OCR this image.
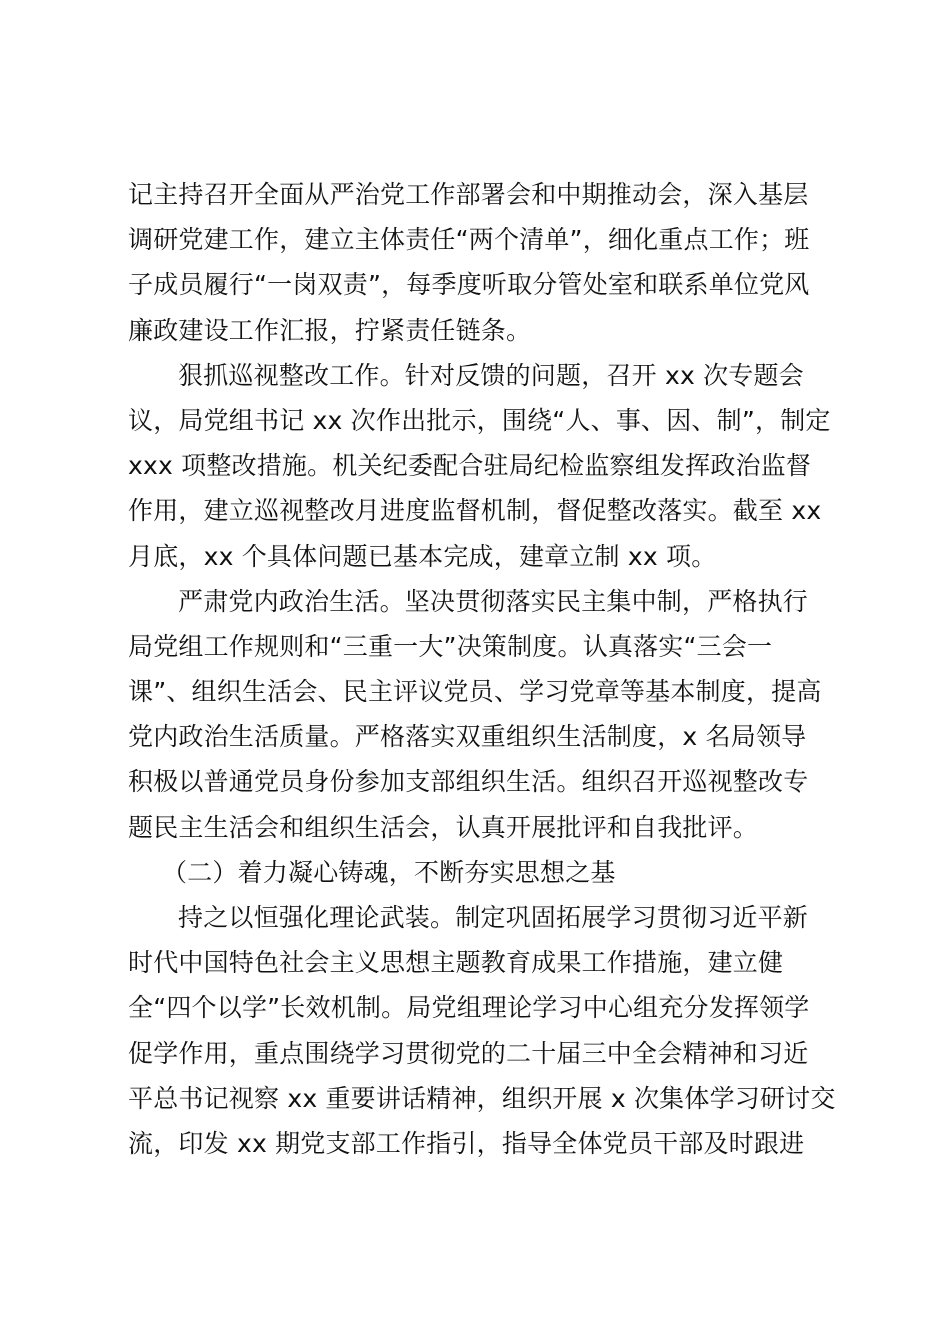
记主持召开全面从严治党工作部署会和中期推动会，深入基层
调研党建工作，建立主体责任“两个清单”，细化重点工作；班
子成员履行“一岗双责”，每季度听取分管处室和联系单位党风
廉政建设工作汇报，拧紧责任链条。
狠抓巡视整改工作。针对反馈的问题，召开 xx 次专题会
议，局党组书记 xx 次作出批示，围绕“人、事、因、制”，制定
xxx 项整改措施。机关纪委配合驻局纪检监察组发挥政治监督
作用，建立巡视整改月进度监督机制，督促整改落实。截至 xx
月底，xx 个具体问题已基本完成，建章立制 xx 项。
严肃党内政治生活。坚决贯彻落实民主集中制，严格执行
局党组工作规则和“三重一大”决策制度。认真落实“三会一
课”、组织生活会、民主评议党员、学习党章等基本制度，提高
党内政治生活质量。严格落实双重组织生活制度，x 名局领导
积极以普通党员身份参加支部组织生活。组织召开巡视整改专
题民主生活会和组织生活会，认真开展批评和自我批评。
（二）着力凝心铸魂，不断夯实思想之基
持之以恒强化理论武装。制定巩固拓展学习贯彻习近平新
时代中国特色社会主义思想主题教育成果工作措施，建立健
全“四个以学”长效机制。局党组理论学习中心组充分发挥领学
促学作用，重点围绕学习贯彻党的二十届三中全会精神和习近
平总书记视察 xx 重要讲话精神，组织开展 x 次集体学习研讨交
流，印发 xx 期党支部工作指引，指导全体党员干部及时跟进
